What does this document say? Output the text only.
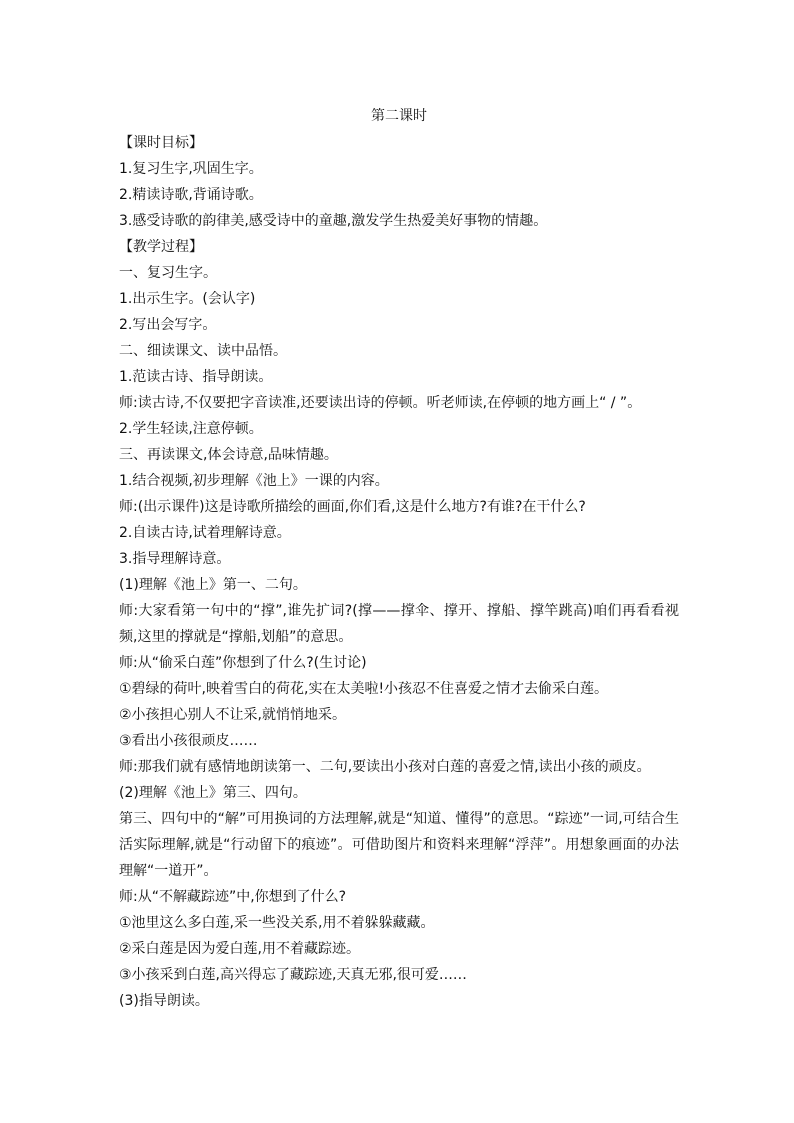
第二课时
【课时目标】
1.复习生字,巩固生字。
2.精读诗歌,背诵诗歌。
3.感受诗歌的韵律美,感受诗中的童趣,激发学生热爱美好事物的情趣。
【教学过程】
一、复习生字。
1.出示生字。(会认字)
2.写出会写字。
二、细读课文、读中品悟。
1.范读古诗、指导朗读。
师:读古诗,不仅要把字音读准,还要读出诗的停顿。听老师读,在停顿的地方画上“ / ”。
2.学生轻读,注意停顿。
三、再读课文,体会诗意,品味情趣。
1.结合视频,初步理解《池上》一课的内容。
师:(出示课件)这是诗歌所描绘的画面,你们看,这是什么地方?有谁?在干什么?
2.自读古诗,试着理解诗意。
3.指导理解诗意。
(1)理解《池上》第一、二句。
师:大家看第一句中的“撑”,谁先扩词?(撑——撑伞、撑开、撑船、撑竿跳高)咱们再看看视频,这里的撑就是“撑船,划船”的意思。
师:从“偷采白莲”你想到了什么?(生讨论)
①碧绿的荷叶,映着雪白的荷花,实在太美啦!小孩忍不住喜爱之情才去偷采白莲。
②小孩担心别人不让采,就悄悄地采。
③看出小孩很顽皮……
师:那我们就有感情地朗读第一、二句,要读出小孩对白莲的喜爱之情,读出小孩的顽皮。
(2)理解《池上》第三、四句。
第三、四句中的“解”可用换词的方法理解,就是“知道、懂得”的意思。“踪迹”一词,可结合生活实际理解,就是“行动留下的痕迹”。可借助图片和资料来理解“浮萍”。用想象画面的办法理解“一道开”。
师:从“不解藏踪迹”中,你想到了什么?
①池里这么多白莲,采一些没关系,用不着躲躲藏藏。
②采白莲是因为爱白莲,用不着藏踪迹。
③小孩采到白莲,高兴得忘了藏踪迹,天真无邪,很可爱……
(3)指导朗读。
